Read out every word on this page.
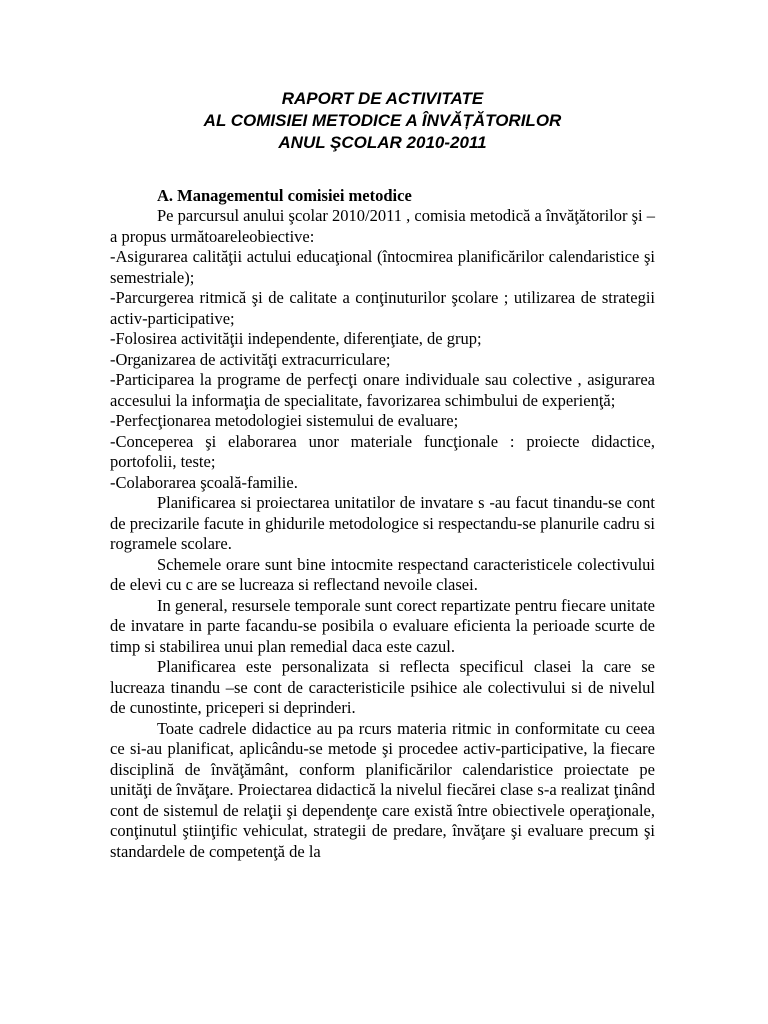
RAPORT DE ACTIVITATE

AL COMISIEI METODICE A ÎNVĂȚĂTORILOR

ANUL ŞCOLAR 2010-2011

A. Managementul comisiei metodice

Pe parcursul anului şcolar 2010/2011 , comisia metodică a învăţătorilor şi –a propus următoareleobiective:

-Asigurarea calităţii actului educaţional (întocmirea planificărilor calendaristice şi semestriale);

-Parcurgerea ritmică şi de calitate a conţinuturilor şcolare ; utilizarea de strategii activ-participative;

-Folosirea activităţii independente, diferenţiate, de grup;

-Organizarea de activităţi extracurriculare;

-Participarea la programe de perfecţi onare individuale sau colective , asigurarea accesului la informaţia de specialitate, favorizarea schimbului de experienţă;

-Perfecţionarea metodologiei sistemului de evaluare;

-Conceperea şi elaborarea unor materiale funcţionale : proiecte didactice, portofolii, teste;

-Colaborarea şcoală-familie.

Planificarea si proiectarea unitatilor de invatare s -au facut tinandu-se cont de precizarile facute in ghidurile metodologice si respectandu-se planurile cadru si rogramele scolare.

Schemele orare sunt bine intocmite respectand caracteristicele colectivului de elevi cu c are se lucreaza si reflectand nevoile clasei.

In general, resursele temporale sunt corect repartizate pentru fiecare unitate de invatare in parte facandu-se posibila o evaluare eficienta la perioade scurte de timp si stabilirea unui plan remedial daca este cazul.

Planificarea este personalizata si reflecta specificul clasei la care se lucreaza tinandu –se cont de caracteristicile psihice ale colectivului si de nivelul de cunostinte, priceperi si deprinderi.

Toate cadrele didactice au pa rcurs materia ritmic in conformitate cu ceea ce si-au planificat, aplicându-se metode şi procedee activ-participative, la fiecare disciplină de învăţământ, conform planificărilor calendaristice proiectate pe unităţi de învăţare. Proiectarea didactică la nivelul fiecărei clase s-a realizat ţinând cont de sistemul de relaţii şi dependenţe care există între obiectivele operaţionale, conţinutul ştiinţific vehiculat, strategii de predare, învăţare şi evaluare precum şi standardele de competenţă de la
